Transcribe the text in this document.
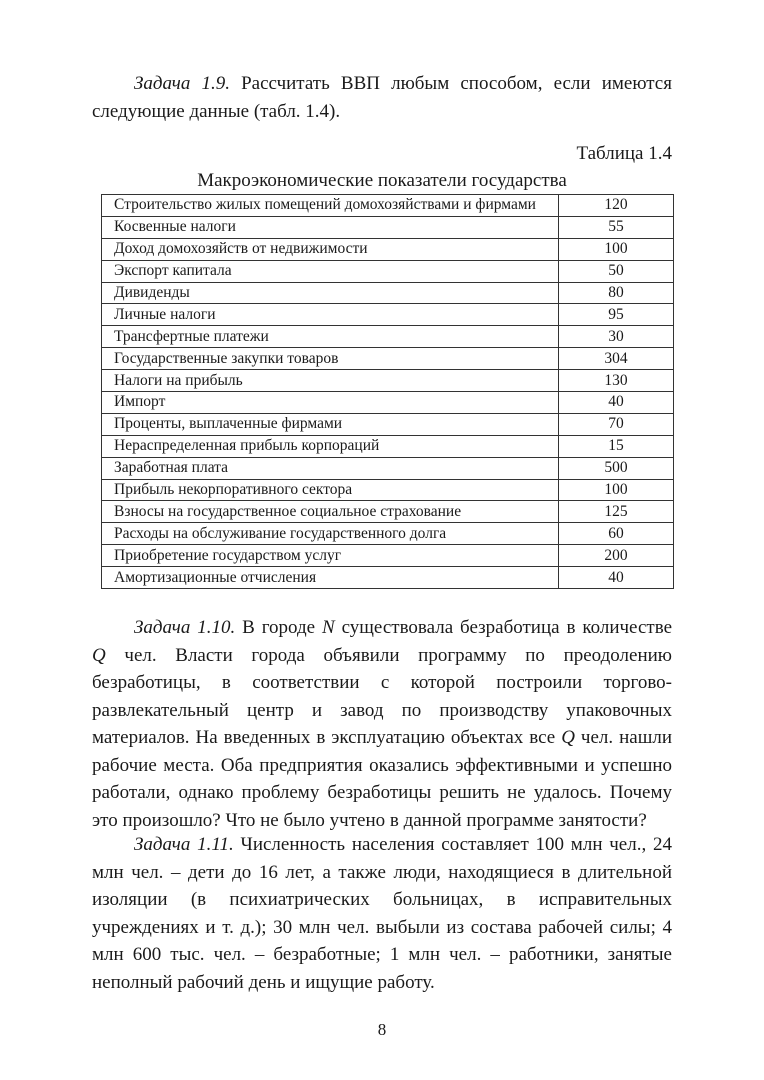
Задача 1.9. Рассчитать ВВП любым способом, если имеются следующие данные (табл. 1.4).

Таблица 1.4
Макроэкономические показатели государства
Строительство жилых помещений домохозяйствами и фирмами	120
Косвенные налоги	55
Доход домохозяйств от недвижимости	100
Экспорт капитала	50
Дивиденды	80
Личные налоги	95
Трансфертные платежи	30
Государственные закупки товаров	304
Налоги на прибыль	130
Импорт	40
Проценты, выплаченные фирмами	70
Нераспределенная прибыль корпораций	15
Заработная плата	500
Прибыль некорпоративного сектора	100
Взносы на государственное социальное страхование	125
Расходы на обслуживание государственного долга	60
Приобретение государством услуг	200
Амортизационные отчисления	40

Задача 1.10. В городе N существовала безработица в количестве Q чел. Власти города объявили программу по преодолению безработицы, в соответствии с которой построили торгово-развлекательный центр и завод по производству упаковочных материалов. На введенных в эксплуатацию объектах все Q чел. нашли рабочие места. Оба предприятия оказались эффективными и успешно работали, однако проблему безработицы решить не удалось. Почему это произошло? Что не было учтено в данной программе занятости?

Задача 1.11. Численность населения составляет 100 млн чел., 24 млн чел. – дети до 16 лет, а также люди, находящиеся в длительной изоляции (в психиатрических больницах, в исправительных учреждениях и т. д.); 30 млн чел. выбыли из состава рабочей силы; 4 млн 600 тыс. чел. – безработные; 1 млн чел. – работники, занятые неполный рабочий день и ищущие работу.

8
